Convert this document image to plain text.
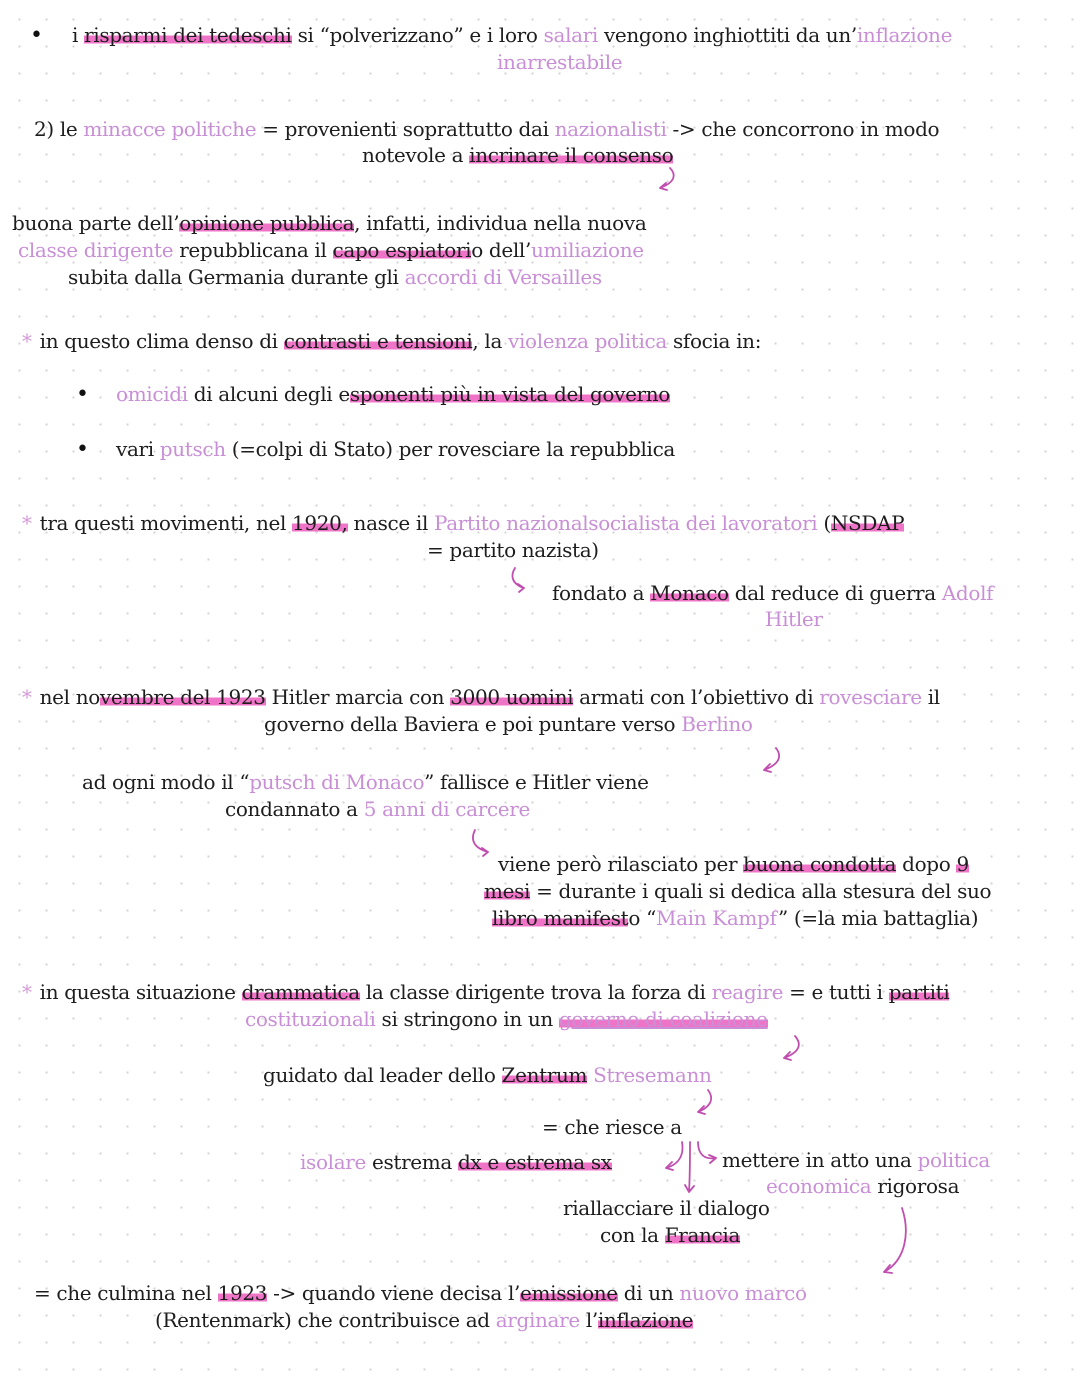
• i risparmi dei tedeschi si “polverizzano” e i loro salari vengono inghiottiti da un’inflazione
inarrestabile
2) le minacce politiche = provenienti soprattutto dai nazionalisti -> che concorrono in modo
notevole a incrinare il consenso
buona parte dell’opinione pubblica, infatti, individua nella nuova
classe dirigente repubblicana il capo espiatorio dell’umiliazione
subita dalla Germania durante gli accordi di Versailles
* in questo clima denso di contrasti e tensioni, la violenza politica sfocia in:
• omicidi di alcuni degli esponenti più in vista del governo
• vari putsch (=colpi di Stato) per rovesciare la repubblica
* tra questi movimenti, nel 1920, nasce il Partito nazionalsocialista dei lavoratori (NSDAP
= partito nazista)
fondato a Monaco dal reduce di guerra Adolf
Hitler
* nel novembre del 1923 Hitler marcia con 3000 uomini armati con l’obiettivo di rovesciare il
governo della Baviera e poi puntare verso Berlino
ad ogni modo il “putsch di Monaco” fallisce e Hitler viene
condannato a 5 anni di carcere
viene però rilasciato per buona condotta dopo 9
mesi = durante i quali si dedica alla stesura del suo
libro manifesto “Main Kampf” (=la mia battaglia)
* in questa situazione drammatica la classe dirigente trova la forza di reagire = e tutti i partiti
costituzionali si stringono in un governo di coalizione
guidato dal leader dello Zentrum Stresemann
= che riesce a
isolare estrema dx e estrema sx	mettere in atto una politica
economica rigorosa
riallacciare il dialogo
con la Francia
= che culmina nel 1923 -> quando viene decisa l’emissione di un nuovo marco
(Rentenmark) che contribuisce ad arginare l’inflazione
